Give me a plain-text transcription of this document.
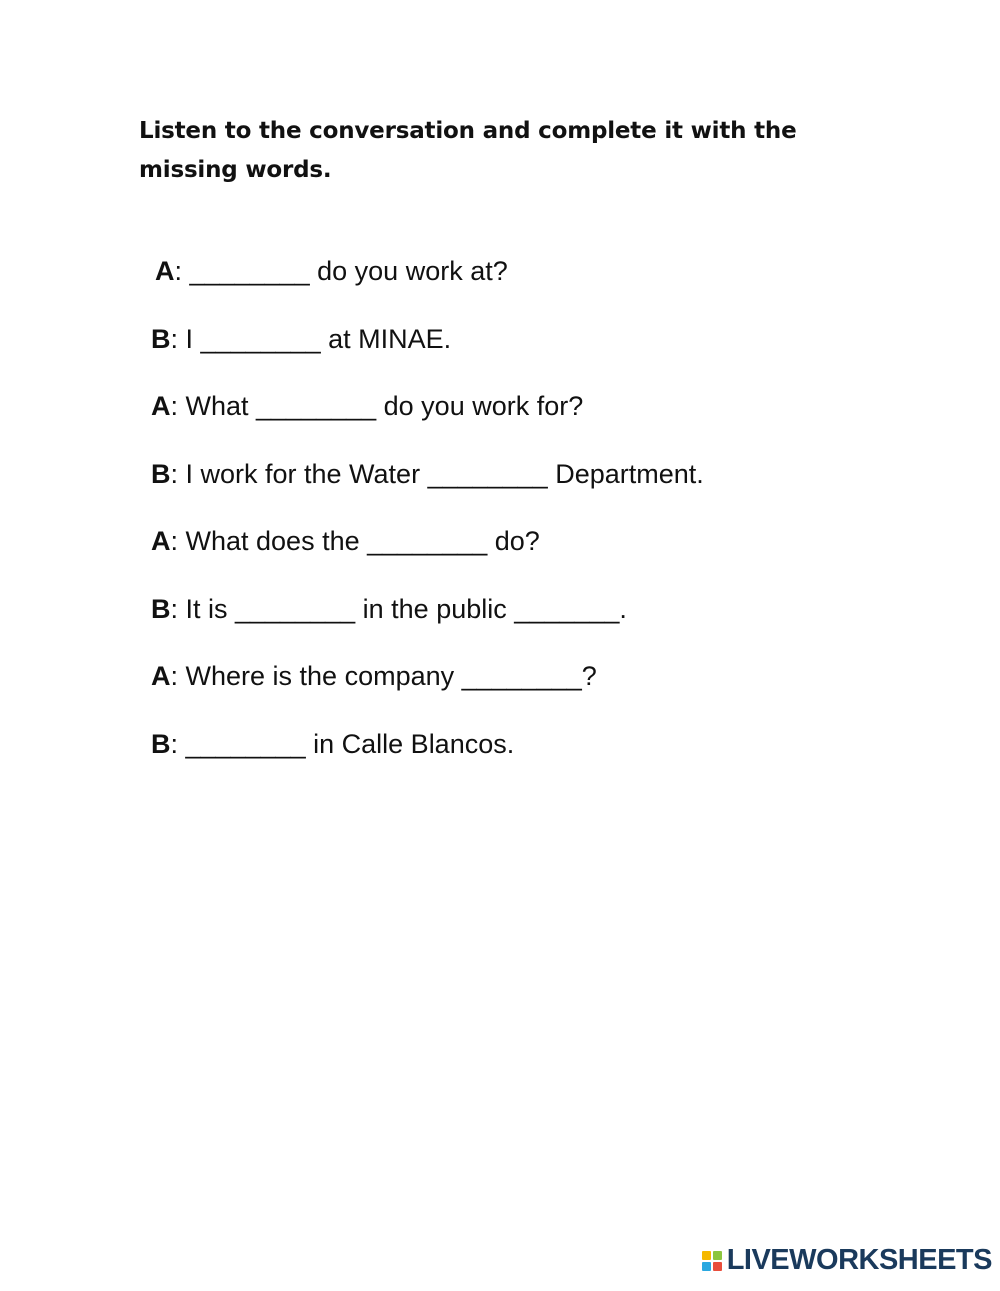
Listen to the conversation and complete it with the missing words.

A: ________ do you work at?
B: I ________ at MINAE.
A: What ________ do you work for?
B: I work for the Water ________ Department.
A: What does the ________ do?
B: It is ________ in the public _______.
A: Where is the company ________?
B: ________ in Calle Blancos.
LIVEWORKSHEETS
